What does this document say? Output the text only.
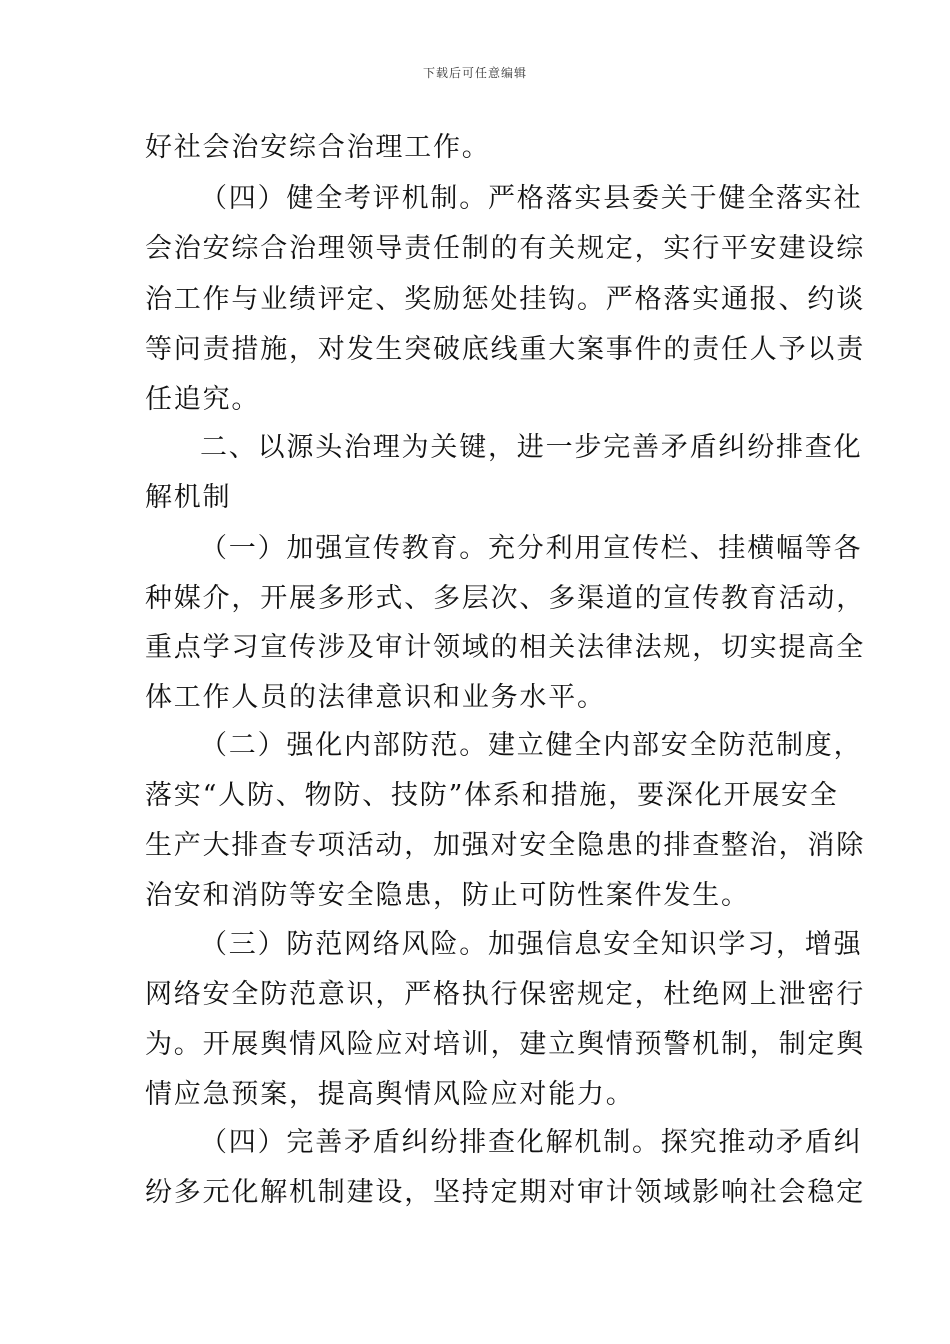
下载后可任意编辑
好社会治安综合治理工作。
（四）健全考评机制。严格落实县委关于健全落实社
会治安综合治理领导责任制的有关规定，实行平安建设综
治工作与业绩评定、奖励惩处挂钩。严格落实通报、约谈
等问责措施，对发生突破底线重大案事件的责任人予以责
任追究。
二、以源头治理为关键，进一步完善矛盾纠纷排查化
解机制
（一）加强宣传教育。充分利用宣传栏、挂横幅等各
种媒介，开展多形式、多层次、多渠道的宣传教育活动，
重点学习宣传涉及审计领域的相关法律法规，切实提高全
体工作人员的法律意识和业务水平。
（二）强化内部防范。建立健全内部安全防范制度，
落实“人防、物防、技防”体系和措施，要深化开展安全
生产大排查专项活动，加强对安全隐患的排查整治，消除
治安和消防等安全隐患，防止可防性案件发生。
（三）防范网络风险。加强信息安全知识学习，增强
网络安全防范意识，严格执行保密规定，杜绝网上泄密行
为。开展舆情风险应对培训，建立舆情预警机制，制定舆
情应急预案，提高舆情风险应对能力。
（四）完善矛盾纠纷排查化解机制。探究推动矛盾纠
纷多元化解机制建设，坚持定期对审计领域影响社会稳定
